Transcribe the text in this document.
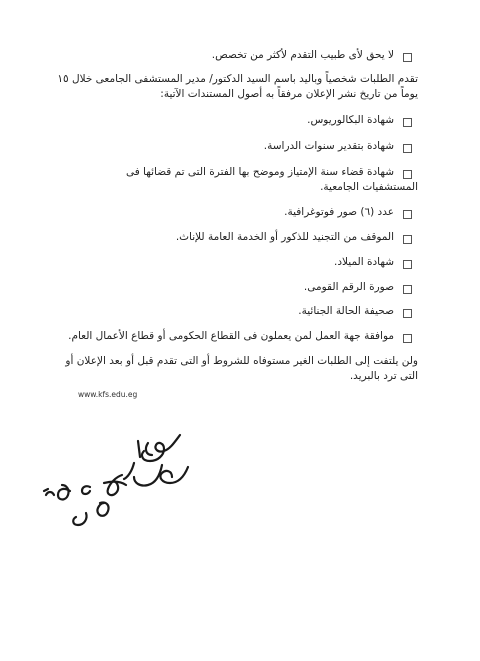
لا يحق لأى طبيب التقدم لأكثر من تخصص.
تقدم الطلبات شخصياً وباليد باسم السيد الدكتور/ مدير المستشفى الجامعى خلال ١٥
يوماً من تاريخ نشر الإعلان مرفقاً به أصول المستندات الآتية:
شهادة البكالوريوس.
شهادة بتقدير سنوات الدراسة.
شهادة قضاء سنة الإمتياز وموضح بها الفترة التى تم قضائها فى
المستشفيات الجامعية.
عدد (٦) صور فوتوغرافية.
الموقف من التجنيد للذكور أو الخدمة العامة للإناث.
شهادة الميلاد.
صورة الرقم القومى.
صحيفة الحالة الجنائية.
موافقة جهة العمل لمن يعملون فى القطاع الحكومى أو قطاع الأعمال العام.
ولن يلتفت إلى الطلبات الغير مستوفاه للشروط أو التى تقدم قبل أو بعد الإعلان أو
التى ترد بالبريد.
www.kfs.edu.eg
